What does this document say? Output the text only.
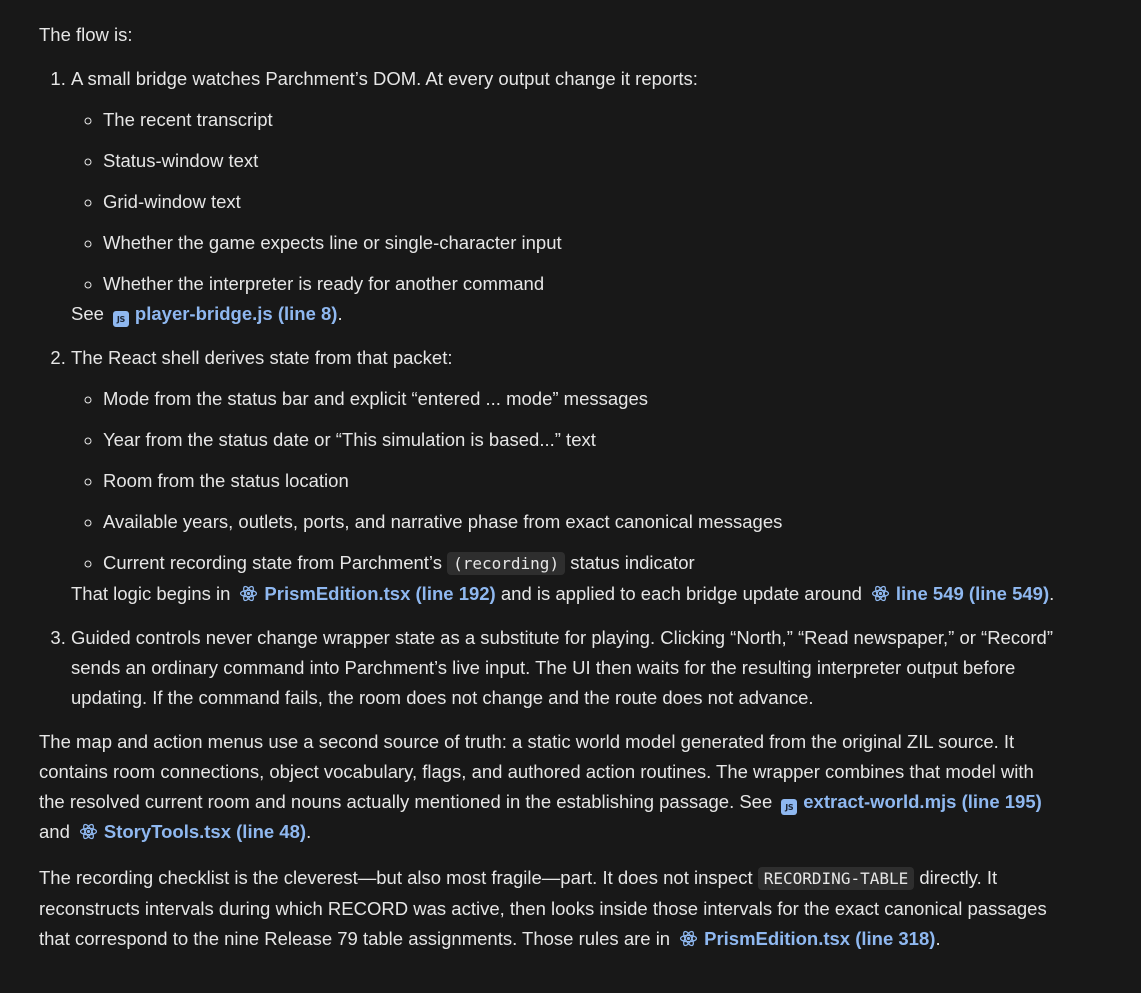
The flow is:

1. A small bridge watches Parchment’s DOM. At every output change it reports:
◦ The recent transcript
◦ Status-window text
◦ Grid-window text
◦ Whether the game expects line or single-character input
◦ Whether the interpreter is ready for another command
See JS player-bridge.js (line 8).
2. The React shell derives state from that packet:
◦ Mode from the status bar and explicit “entered ... mode” messages
◦ Year from the status date or “This simulation is based...” text
◦ Room from the status location
◦ Available years, outlets, ports, and narrative phase from exact canonical messages
◦ Current recording state from Parchment’s (recording) status indicator
That logic begins in PrismEdition.tsx (line 192) and is applied to each bridge update around line 549 (line 549).
3. Guided controls never change wrapper state as a substitute for playing. Clicking “North,” “Read newspaper,” or “Record” sends an ordinary command into Parchment’s live input. The UI then waits for the resulting interpreter output before updating. If the command fails, the room does not change and the route does not advance.

The map and action menus use a second source of truth: a static world model generated from the original ZIL source. It contains room connections, object vocabulary, flags, and authored action routines. The wrapper combines that model with the resolved current room and nouns actually mentioned in the establishing passage. See JS extract-world.mjs (line 195) and StoryTools.tsx (line 48).

The recording checklist is the cleverest—but also most fragile—part. It does not inspect RECORDING-TABLE directly. It reconstructs intervals during which RECORD was active, then looks inside those intervals for the exact canonical passages that correspond to the nine Release 79 table assignments. Those rules are in PrismEdition.tsx (line 318).
